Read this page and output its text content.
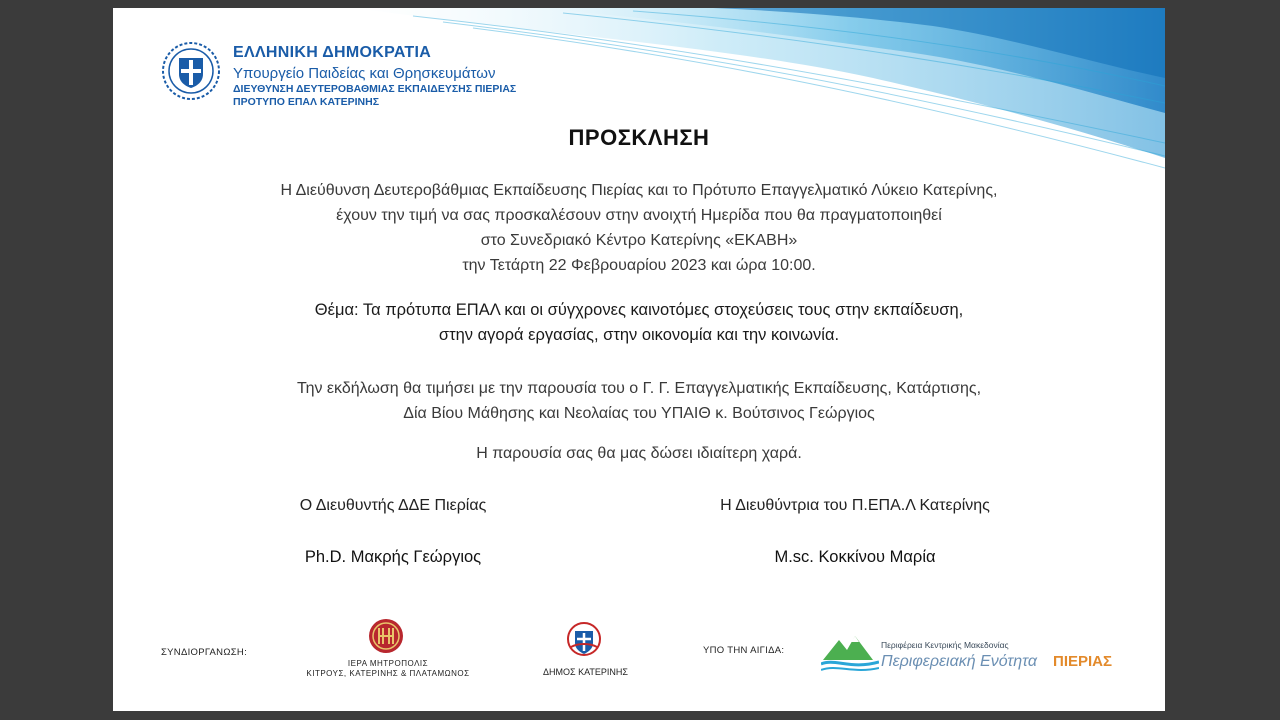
ΕΛΛΗΝΙΚΗ ΔΗΜΟΚΡΑΤΙΑ
Υπουργείο Παιδείας και Θρησκευμάτων
ΔΙΕΥΘΥΝΣΗ ΔΕΥΤΕΡΟΒΑΘΜΙΑΣ ΕΚΠΑΙΔΕΥΣΗΣ ΠΙΕΡΙΑΣ
ΠΡΟΤΥΠΟ ΕΠΑΛ ΚΑΤΕΡΙΝΗΣ
ΠΡΟΣΚΛΗΣΗ
Η Διεύθυνση Δευτεροβάθμιας Εκπαίδευσης Πιερίας και το Πρότυπο Επαγγελματικό Λύκειο Κατερίνης,
έχουν την τιμή να σας προσκαλέσουν στην ανοιχτή Ημερίδα που θα πραγματοποιηθεί
στο Συνεδριακό Κέντρο Κατερίνης «ΕΚΑΒΗ»
την Τετάρτη 22 Φεβρουαρίου 2023 και ώρα 10:00.
Θέμα: Τα πρότυπα ΕΠΑΛ και οι σύγχρονες καινοτόμες στοχεύσεις τους στην εκπαίδευση,
στην αγορά εργασίας, στην οικονομία και την κοινωνία.
Την εκδήλωση θα τιμήσει με την παρουσία του ο Γ. Γ. Επαγγελματικής Εκπαίδευσης, Κατάρτισης,
Δία Βίου Μάθησης και Νεολαίας του ΥΠΑΙΘ κ. Βούτσινος Γεώργιος
Η παρουσία σας θα μας δώσει ιδιαίτερη χαρά.
Ο Διευθυντής ΔΔΕ Πιερίας	Η Διευθύντρια του Π.ΕΠΑ.Λ Κατερίνης
Ph.D. Μακρής Γεώργιος	M.sc. Κοκκίνου Μαρία
ΣΥΝΔΙΟΡΓΑΝΩΣΗ:
ΙΕΡΑ ΜΗΤΡΟΠΟΛΙΣ
ΚΙΤΡΟΥΣ, ΚΑΤΕΡΙΝΗΣ & ΠΛΑΤΑΜΩΝΟΣ	ΔΗΜΟΣ ΚΑΤΕΡΙΝΗΣ
ΥΠΟ ΤΗΝ ΑΙΓΙΔΑ:	Περιφέρεια Κεντρικής Μακεδονίας
Περιφερειακή Ενότητα ΠΙΕΡΙΑΣ
